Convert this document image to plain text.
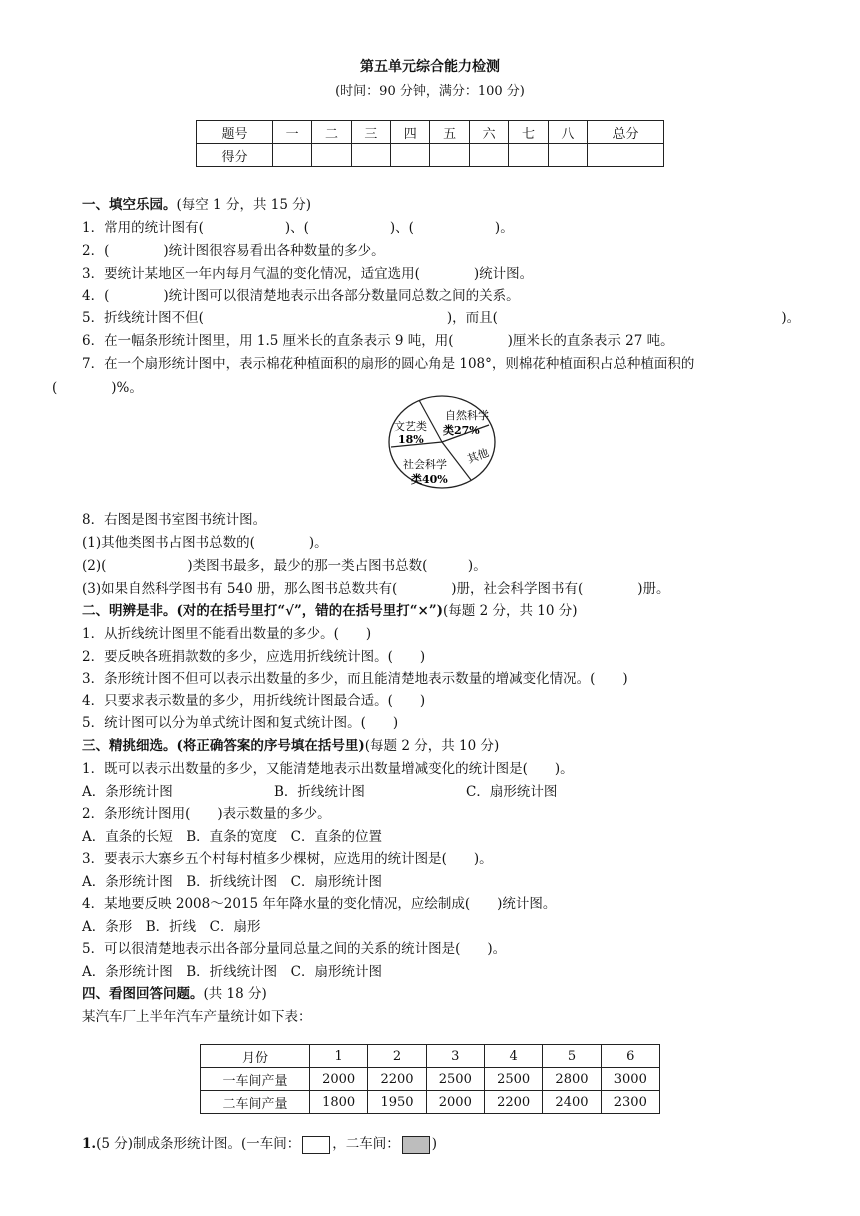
第五单元综合能力检测
(时间：90 分钟，满分：100 分)
题号	一	二	三	四	五	六	七	八	总分
得分									
一、填空乐园。(每空 1 分，共 15 分)
1．常用的统计图有(　　　　　　)、(　　　　　　)、(　　　　　　)。
2．(　　　　)统计图很容易看出各种数量的多少。
3．要统计某地区一年内每月气温的变化情况，适宜选用(　　　　)统计图。
4．(　　　　)统计图可以很清楚地表示出各部分数量同总数之间的关系。
5．折线统计图不但(　　　　　　　　　　　　　　　　　　)，而且(　　　　　　　　　　　　　　　　　　　　　)。
6．在一幅条形统计图里，用 1.5 厘米长的直条表示 9 吨，用(　　　　)厘米长的直条表示 27 吨。
7．在一个扇形统计图中，表示棉花种植面积的扇形的圆心角是 108°，则棉花种植面积占总种植面积的
(　　　　)%。
文艺类
18%
自然科学
类27%
社会科学
类40%
其他
8．右图是图书室图书统计图。
(1)其他类图书占图书总数的(　　　　)。
(2)(　　　　　　)类图书最多，最少的那一类占图书总数(　　　)。
(3)如果自然科学图书有 540 册，那么图书总数共有(　　　　)册，社会科学图书有(　　　　)册。
二、明辨是非。(对的在括号里打“√”，错的在括号里打“×”)(每题 2 分，共 10 分)
1．从折线统计图里不能看出数量的多少。(　　)
2．要反映各班捐款数的多少，应选用折线统计图。(　　)
3．条形统计图不但可以表示出数量的多少，而且能清楚地表示数量的增减变化情况。(　　)
4．只要求表示数量的多少，用折线统计图最合适。(　　)
5．统计图可以分为单式统计图和复式统计图。(　　)
三、精挑细选。(将正确答案的序号填在括号里)(每题 2 分，共 10 分)
1．既可以表示出数量的多少，又能清楚地表示出数量增减变化的统计图是(　　)。
A．条形统计图	B．折线统计图	C．扇形统计图
2．条形统计图用(　　)表示数量的多少。
A．直条的长短　B．直条的宽度　C．直条的位置
3．要表示大寨乡五个村每村植多少棵树，应选用的统计图是(　　)。
A．条形统计图　B．折线统计图　C．扇形统计图
4．某地要反映 2008～2015 年年降水量的变化情况，应绘制成(　　)统计图。
A．条形　B．折线　C．扇形
5．可以很清楚地表示出各部分量同总量之间的关系的统计图是(　　)。
A．条形统计图　B．折线统计图　C．扇形统计图
四、看图回答问题。(共 18 分)
某汽车厂上半年汽车产量统计如下表：
月份	1	2	3	4	5	6
一车间产量	2000	2200	2500	2500	2800	3000
二车间产量	1800	1950	2000	2200	2400	2300
1.(5 分)制成条形统计图。(一车间： ，二车间： )
